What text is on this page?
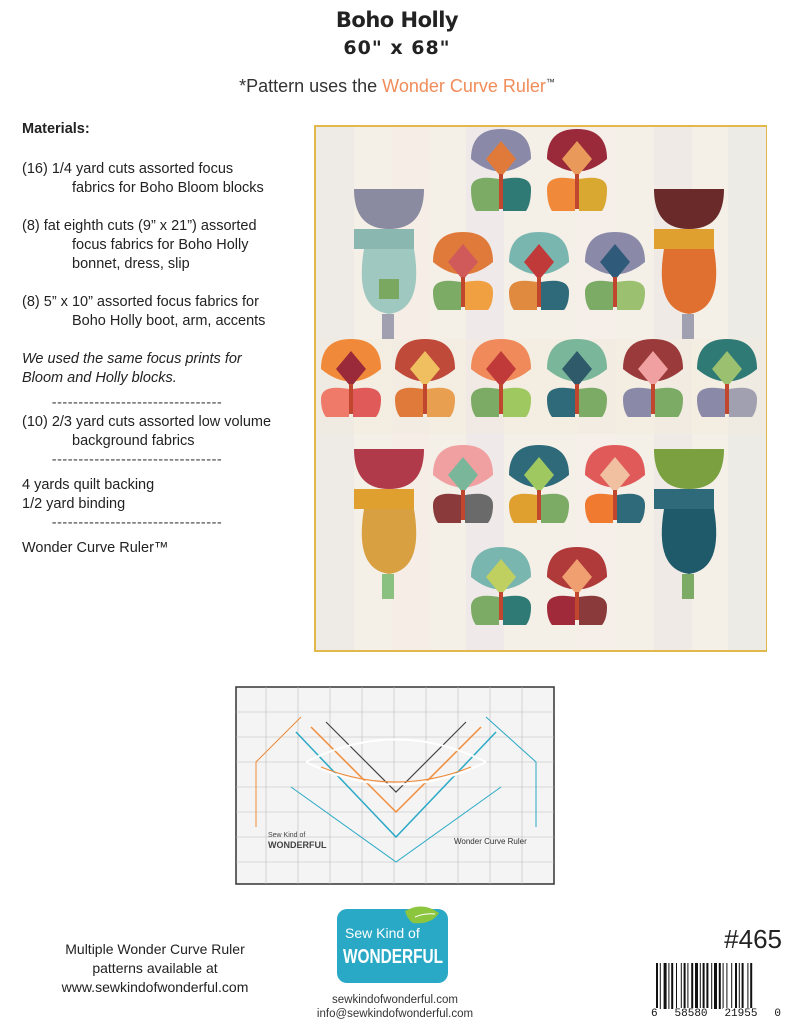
Boho Holly
60" x 68"
*Pattern uses the Wonder Curve Ruler™

Materials:

(16) 1/4 yard cuts assorted focus

fabrics for Boho Bloom blocks

(8) fat eighth cuts (9” x 21”) assorted

focus fabrics for Boho Holly

bonnet, dress, slip

(8) 5” x 10” assorted focus fabrics for

Boho Holly boot, arm, accents

We used the same focus prints for

Bloom and Holly blocks.

--------------------------------

(10) 2/3 yard cuts assorted low volume

background fabrics

--------------------------------

4 yards quilt backing

1/2 yard binding

--------------------------------

Wonder Curve Ruler™

Sew Kind of
WONDERFUL	Wonder Curve Ruler
Multiple Wonder Curve Ruler
patterns available at
www.sewkindofwonderful.com
Sew Kind of
WONDERFUL
sewkindofwonderful.com
info@sewkindofwonderful.com
#465
6 58580 21955 0
